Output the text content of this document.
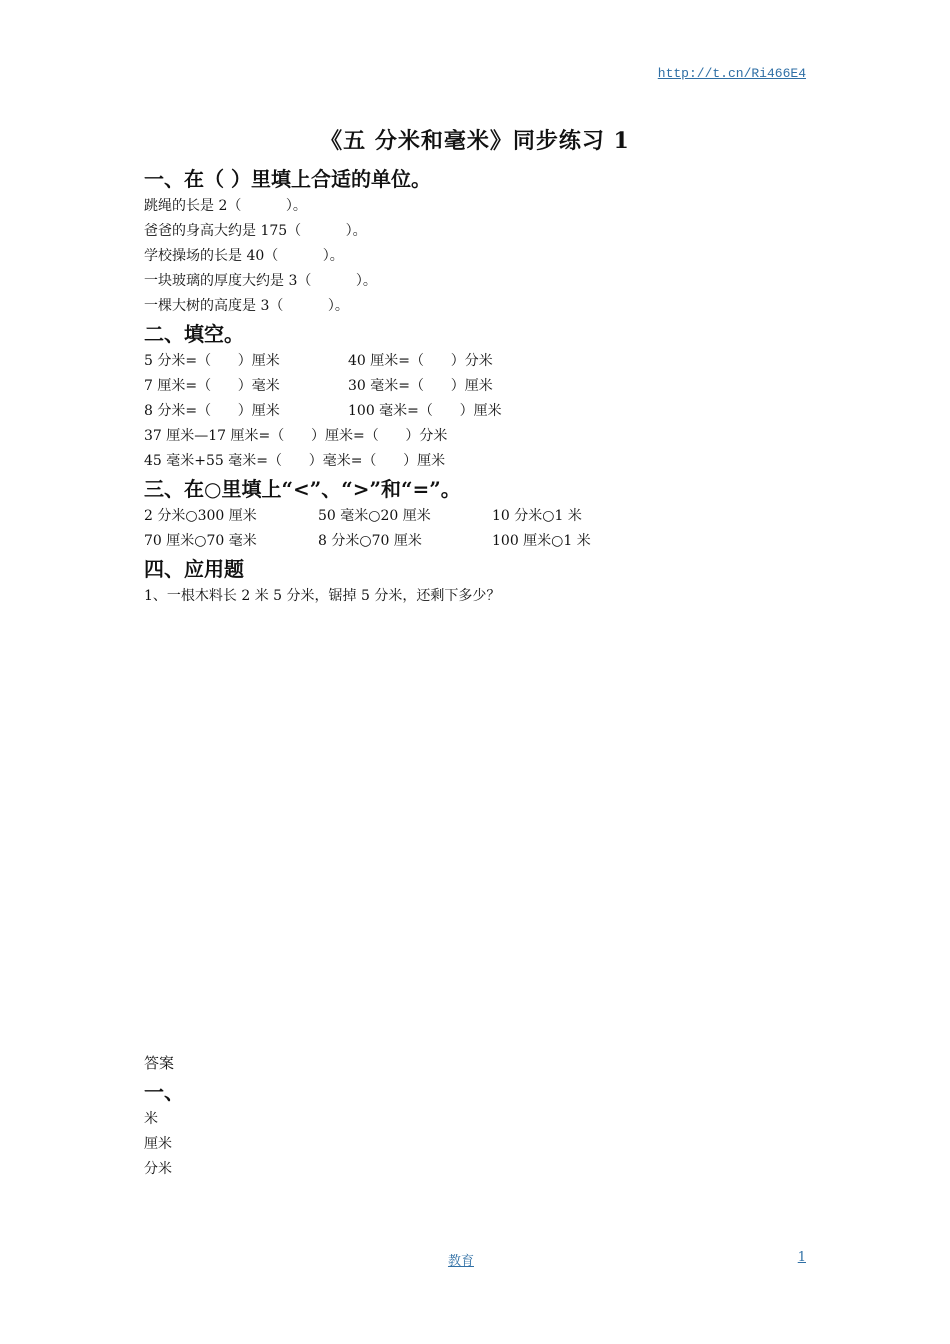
http://t.cn/Ri466E4
《五 分米和毫米》同步练习 1
一、在（ ）里填上合适的单位。
跳绳的长是 2（          ）。
爸爸的身高大约是 175（          ）。
学校操场的长是 40（          ）。
一块玻璃的厚度大约是 3（          ）。
一棵大树的高度是 3（          ）。
二、填空。
5 分米=（      ）厘米	40 厘米=（      ）分米
7 厘米=（      ）毫米	30 毫米=（      ）厘米
8 分米=（      ）厘米	100 毫米=（      ）厘米
37 厘米—17 厘米=（      ）厘米=（      ）分米
45 毫米+55 毫米=（      ）毫米=（      ）厘米
三、在○里填上“<”、“>”和“=”。
2 分米○300 厘米	50 毫米○20 厘米	10 分米○1 米
70 厘米○70 毫米	8 分米○70 厘米	100 厘米○1 米
四、应用题
1、一根木料长 2 米 5 分米，锯掉 5 分米，还剩下多少？
答案
一、
米
厘米
分米
教育	1
